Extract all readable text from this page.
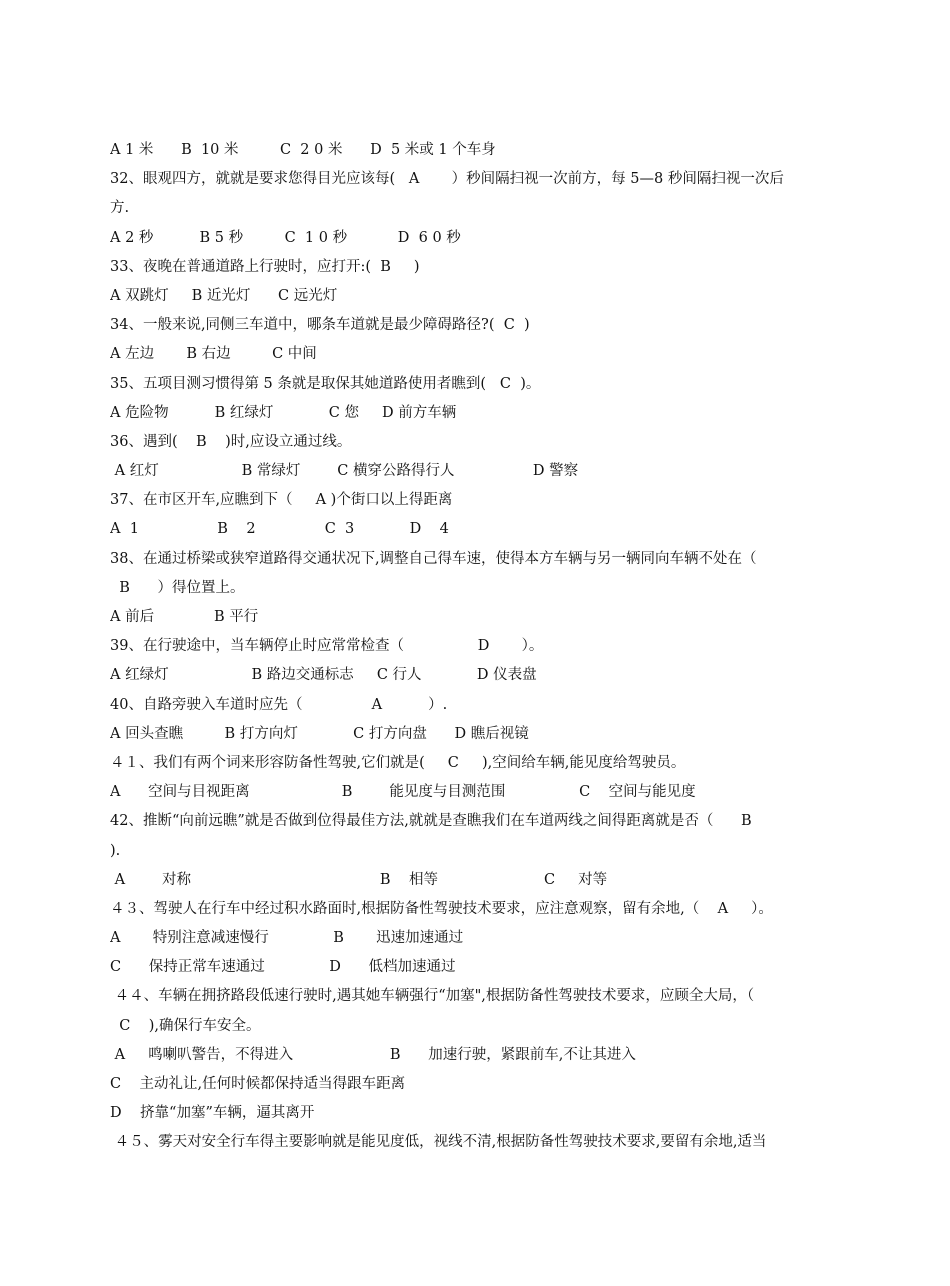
A 1 米      B  10 米         C  2 0 米      D  5 米或 1 个车身
32、眼观四方，就就是要求您得目光应该每(   A       ）秒间隔扫视一次前方，每 5—8 秒间隔扫视一次后
方.
A 2 秒          B 5 秒         C  1 0 秒           D  6 0 秒
33、夜晚在普通道路上行驶时，应打开:(  B     )
A 双跳灯     B 近光灯      C 远光灯
34、一般来说,同侧三车道中，哪条车道就是最少障碍路径?(  C  )
A 左边       B 右边         C 中间
35、五项目测习惯得第 5 条就是取保其她道路使用者瞧到(   C  )。
A 危险物          B 红绿灯            C 您     D 前方车辆
36、遇到(    B    )时,应设立通过线。
A 红灯                  B 常绿灯        C 横穿公路得行人                 D 警察
37、在市区开车,应瞧到下（     A )个街口以上得距离
A  1                 B    2               C  3            D    4
38、在通过桥梁或狭窄道路得交通状况下,调整自己得车速，使得本方车辆与另一辆同向车辆不处在（
B      ）得位置上。
A 前后             B 平行
39、在行驶途中，当车辆停止时应常常检查（                D       ）。
A 红绿灯                  B 路边交通标志     C 行人            D 仪表盘
40、自路旁驶入车道时应先（               A          ）.
A 回头查瞧         B 打方向灯            C 打方向盘      D 瞧后视镜
４１、我们有两个词来形容防备性驾驶,它们就是(     C     ),空间给车辆,能见度给驾驶员。
A      空间与目视距离                    B        能见度与目测范围                C    空间与能见度
42、推断“向前远瞧”就是否做到位得最佳方法,就就是查瞧我们在车道两线之间得距离就是否（      B
).
A        对称                                         B    相等                       C     对等
４３、驾驶人在行车中经过积水路面时,根据防备性驾驶技术要求，应注意观察，留有余地,（    A     ）。
A       特别注意减速慢行              B       迅速加速通过
C      保持正常车速通过              D      低档加速通过
４４、车辆在拥挤路段低速行驶时,遇其她车辆强行“加塞",根据防备性驾驶技术要求，应顾全大局，（
C    ),确保行车安全。
A     鸣喇叭警告，不得进入                     B      加速行驶，紧跟前车,不让其进入
C    主动礼让,任何时候都保持适当得跟车距离
D    挤靠“加塞”车辆，逼其离开
４５、雾天对安全行车得主要影响就是能见度低，视线不清,根据防备性驾驶技术要求,要留有余地,适当
